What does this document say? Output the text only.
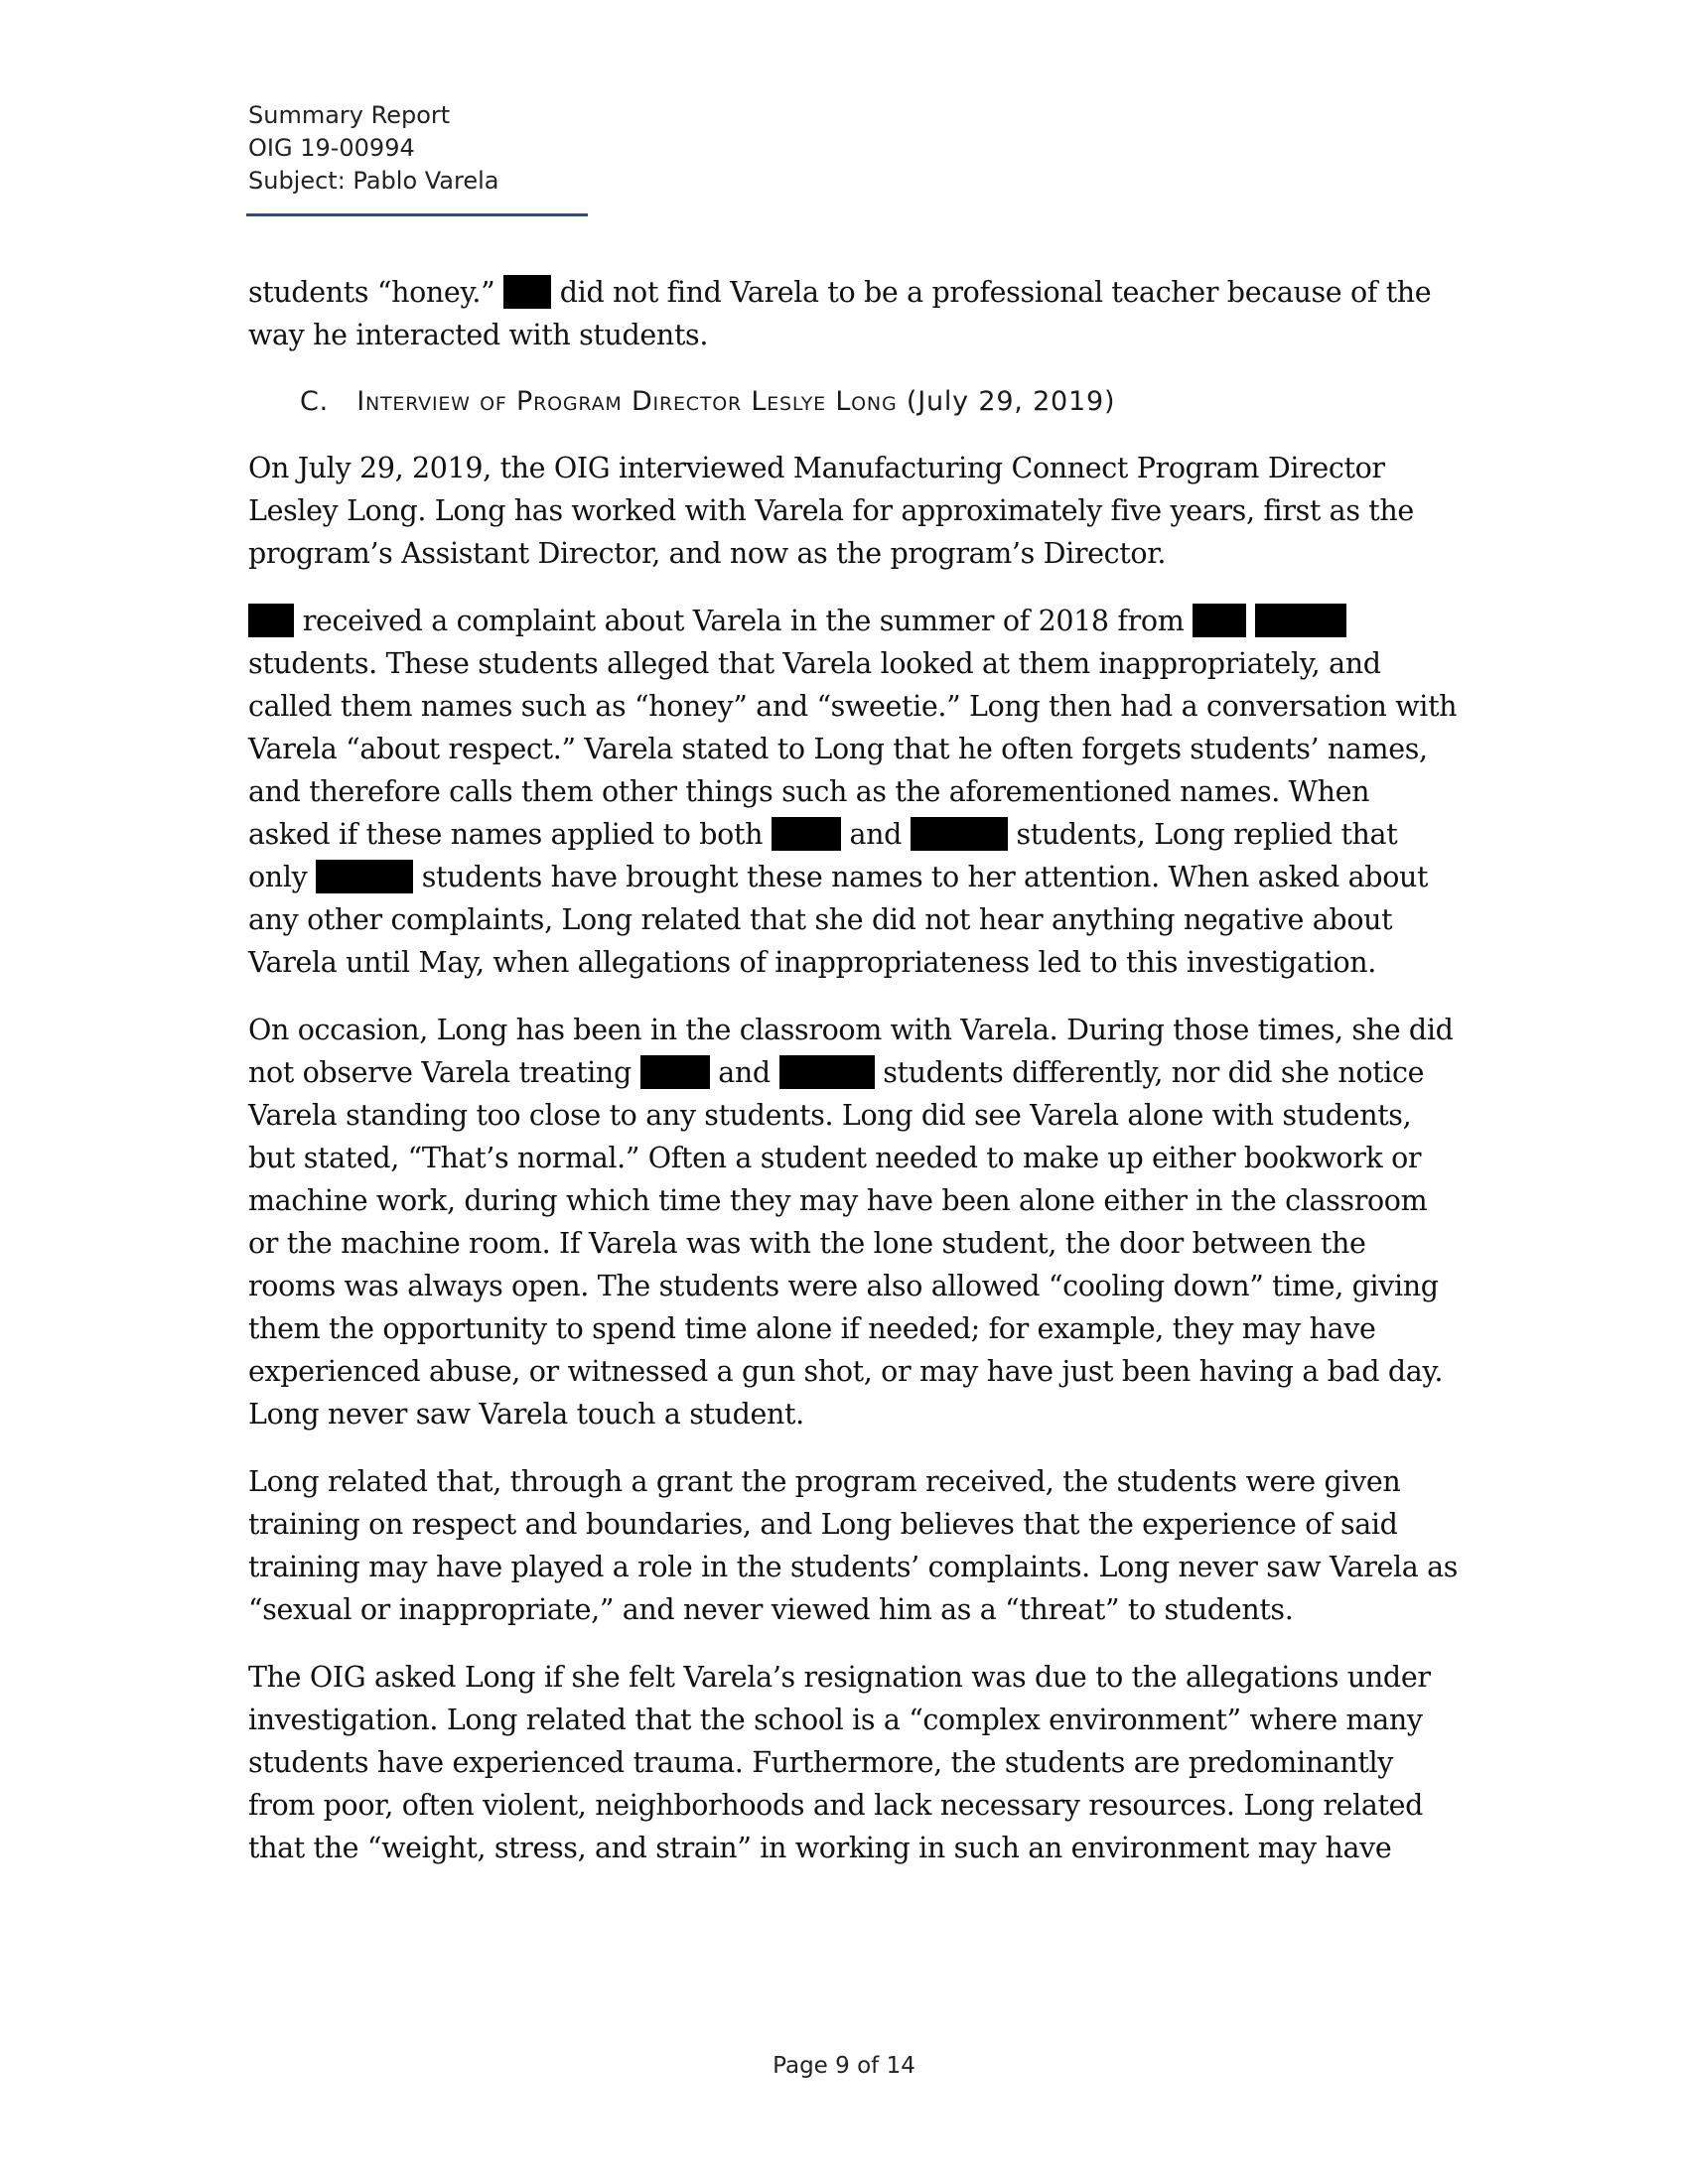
Summary Report
OIG 19-00994
Subject: Pablo Varela

students “honey.” did not find Varela to be a professional teacher because of the way he interacted with students.

C. Interview of Program Director Leslye Long (July 29, 2019)

On July 29, 2019, the OIG interviewed Manufacturing Connect Program Director Lesley Long. Long has worked with Varela for approximately five years, first as the program’s Assistant Director, and now as the program’s Director.

received a complaint about Varela in the summer of 2018 from   students. These students alleged that Varela looked at them inappropriately, and called them names such as “honey” and “sweetie.” Long then had a conversation with Varela “about respect.” Varela stated to Long that he often forgets students’ names, and therefore calls them other things such as the aforementioned names. When asked if these names applied to both	and	students, Long replied that only	students have brought these names to her attention. When asked about any other complaints, Long related that she did not hear anything negative about Varela until May, when allegations of inappropriateness led to this investigation.

On occasion, Long has been in the classroom with Varela. During those times, she did not observe Varela treating	and	students differently, nor did she notice Varela standing too close to any students. Long did see Varela alone with students, but stated, “That’s normal.” Often a student needed to make up either bookwork or machine work, during which time they may have been alone either in the classroom or the machine room. If Varela was with the lone student, the door between the rooms was always open. The students were also allowed “cooling down” time, giving them the opportunity to spend time alone if needed; for example, they may have experienced abuse, or witnessed a gun shot, or may have just been having a bad day. Long never saw Varela touch a student.

Long related that, through a grant the program received, the students were given training on respect and boundaries, and Long believes that the experience of said training may have played a role in the students’ complaints. Long never saw Varela as “sexual or inappropriate,” and never viewed him as a “threat” to students.

The OIG asked Long if she felt Varela’s resignation was due to the allegations under investigation. Long related that the school is a “complex environment” where many students have experienced trauma. Furthermore, the students are predominantly from poor, often violent, neighborhoods and lack necessary resources. Long related that the “weight, stress, and strain” in working in such an environment may have

Page 9 of 14
